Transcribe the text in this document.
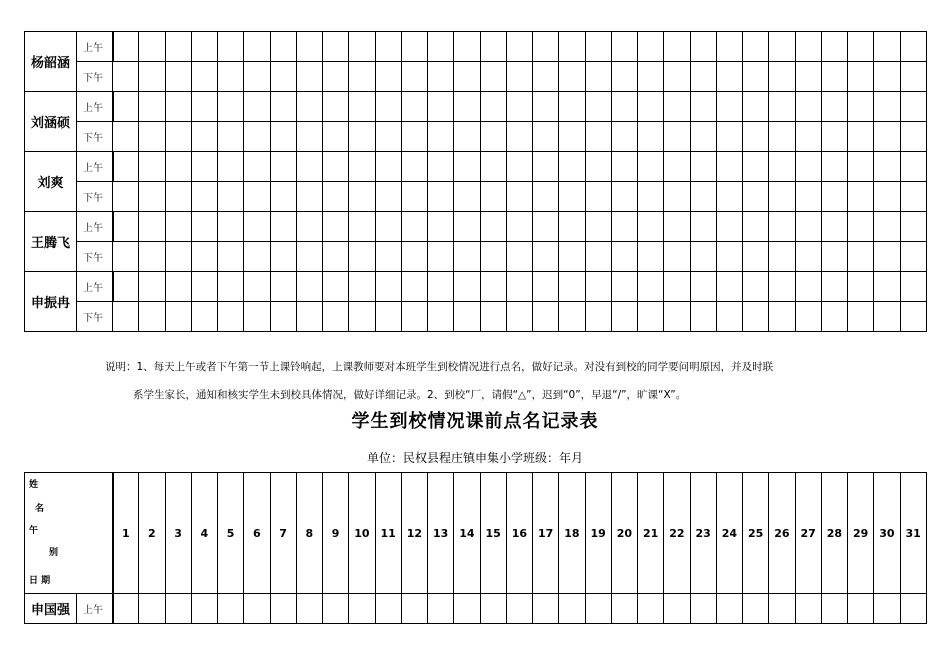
杨韶涵	上午																															
	下午																															
刘涵硕	上午																															
	下午																															
刘爽	上午																															
	下午																															
王腾飞	上午																															
	下午																															
申振冉	上午																															
	下午																															
说明：1、每天上午或者下午第一节上课铃响起，上课教师要对本班学生到校情况进行点名，做好记录。对没有到校的同学要问明原因，并及时联
系学生家长，通知和核实学生未到校具体情况，做好详细记录。2、到校“厂，请假“△”，迟到“0”，早退“/”，旷课“X”。
学生到校情况课前点名记录表
单位：民权县程庄镇申集小学班级：年月
姓
名
午
别
日 期		1	2	3	4	5	6	7	8	9	10	11	12	13	14	15	16	17	18	19	20	21	22	23	24	25	26	27	28	29	30	31
申国强	上午																															
